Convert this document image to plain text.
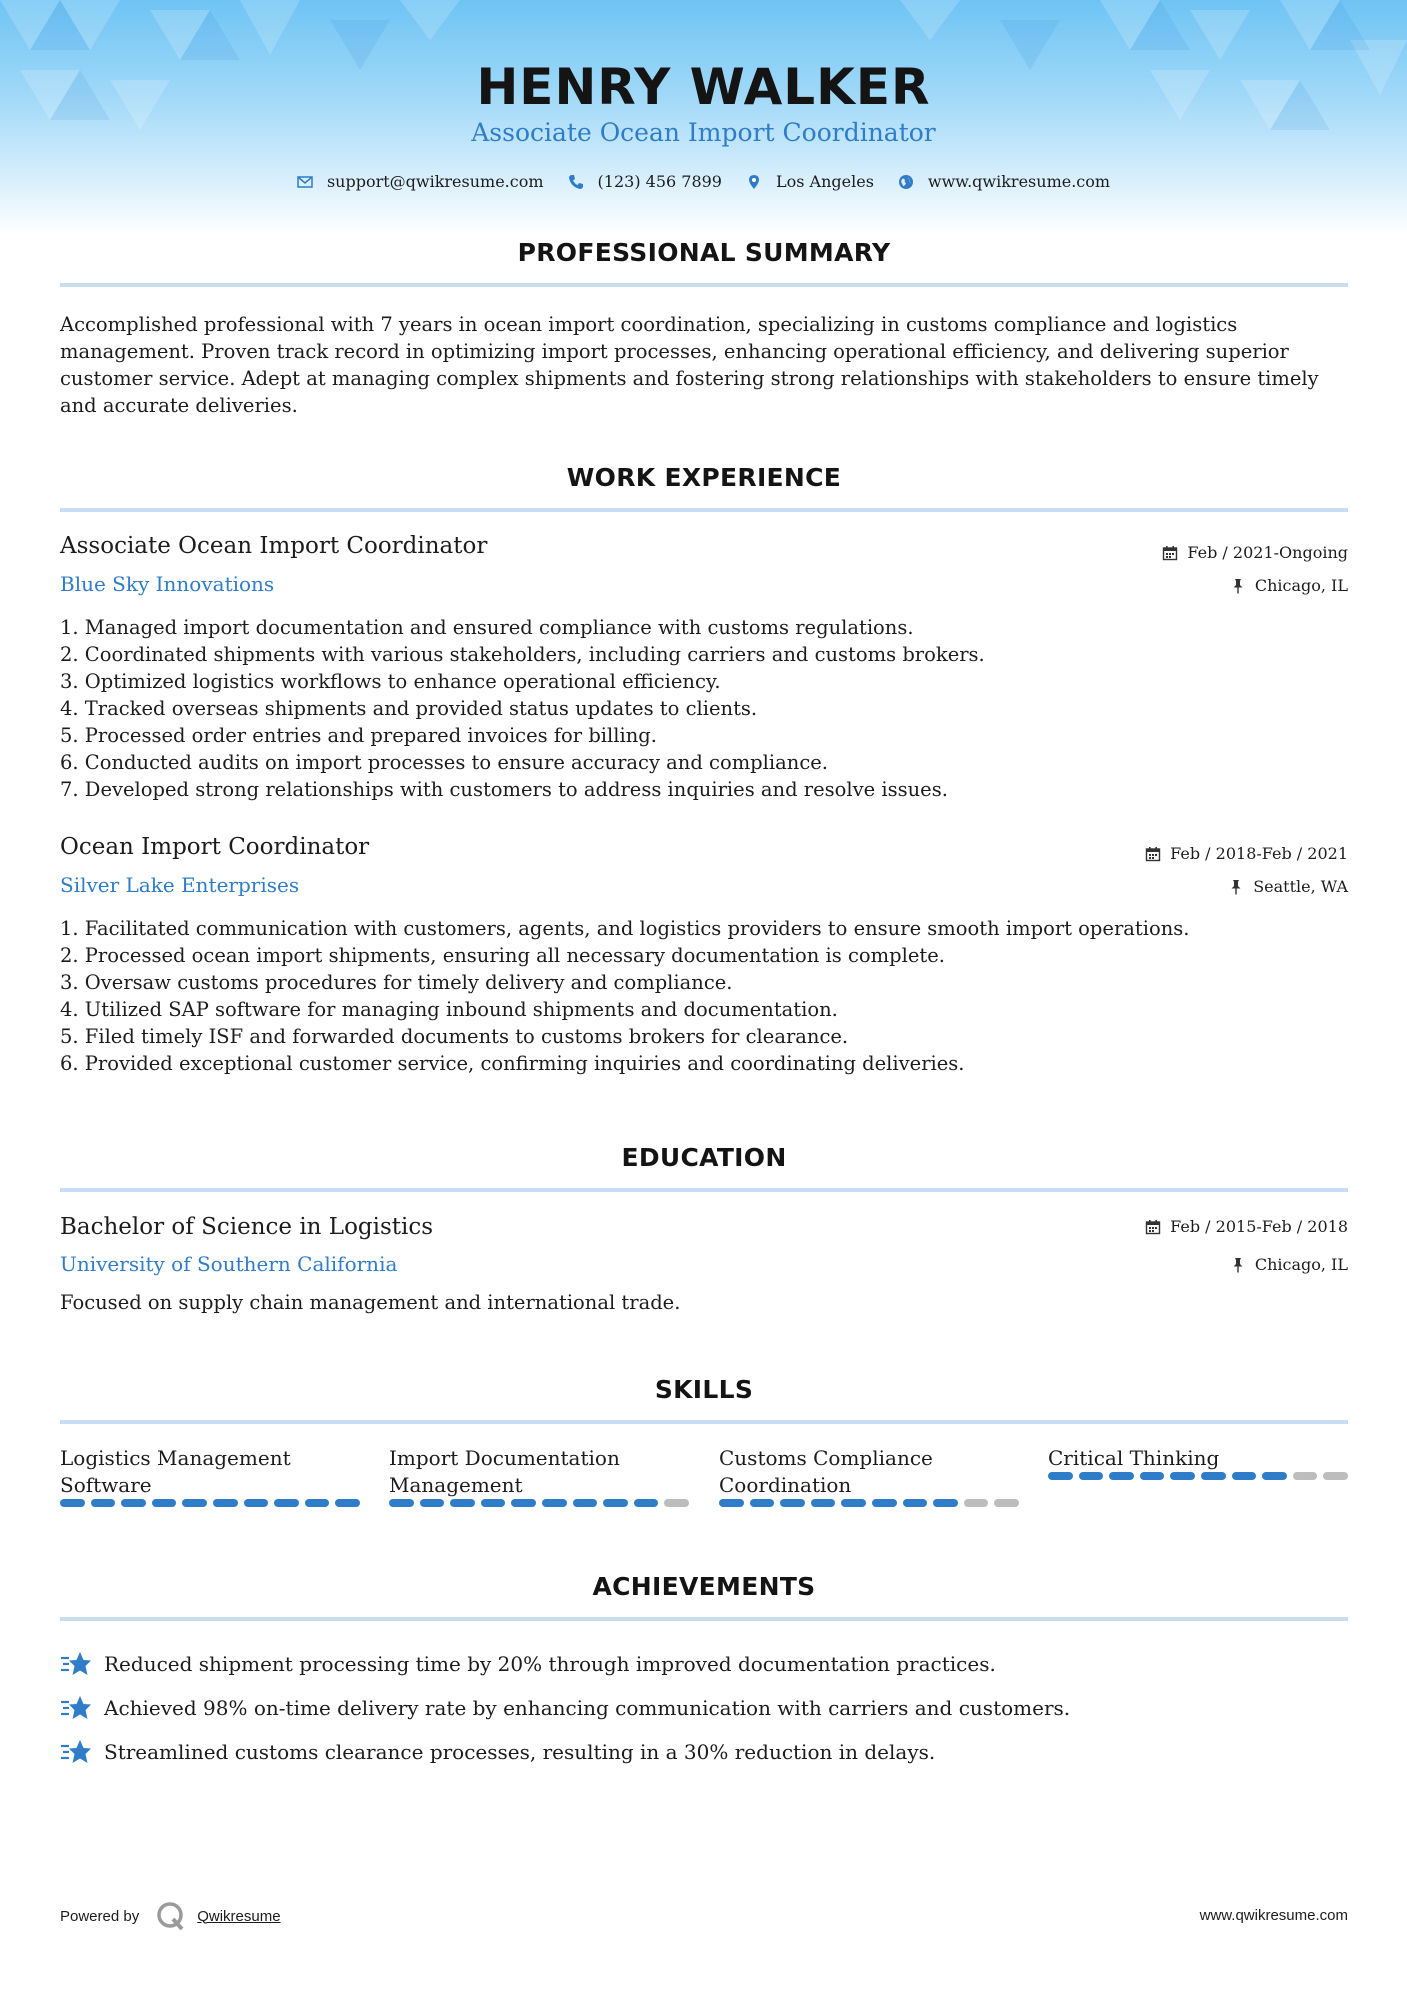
HENRY WALKER
Associate Ocean Import Coordinator
support@qwikresume.com	(123) 456 7899	Los Angeles	www.qwikresume.com
PROFESSIONAL SUMMARY
Accomplished professional with 7 years in ocean import coordination, specializing in customs compliance and logistics
management. Proven track record in optimizing import processes, enhancing operational efficiency, and delivering superior
customer service. Adept at managing complex shipments and fostering strong relationships with stakeholders to ensure timely
and accurate deliveries.
WORK EXPERIENCE
Associate Ocean Import Coordinator
Blue Sky Innovations
Feb / 2021-Ongoing
Chicago, IL
1. Managed import documentation and ensured compliance with customs regulations.
2. Coordinated shipments with various stakeholders, including carriers and customs brokers.
3. Optimized logistics workflows to enhance operational efficiency.
4. Tracked overseas shipments and provided status updates to clients.
5. Processed order entries and prepared invoices for billing.
6. Conducted audits on import processes to ensure accuracy and compliance.
7. Developed strong relationships with customers to address inquiries and resolve issues.
Ocean Import Coordinator
Silver Lake Enterprises
Feb / 2018-Feb / 2021
Seattle, WA
1. Facilitated communication with customers, agents, and logistics providers to ensure smooth import operations.
2. Processed ocean import shipments, ensuring all necessary documentation is complete.
3. Oversaw customs procedures for timely delivery and compliance.
4. Utilized SAP software for managing inbound shipments and documentation.
5. Filed timely ISF and forwarded documents to customs brokers for clearance.
6. Provided exceptional customer service, confirming inquiries and coordinating deliveries.
EDUCATION
Bachelor of Science in Logistics
University of Southern California
Feb / 2015-Feb / 2018
Chicago, IL
Focused on supply chain management and international trade.
SKILLS
Logistics Management
Software
Import Documentation
Management
Customs Compliance
Coordination
Critical Thinking
ACHIEVEMENTS
Reduced shipment processing time by 20% through improved documentation practices.
Achieved 98% on-time delivery rate by enhancing communication with carriers and customers.
Streamlined customs clearance processes, resulting in a 30% reduction in delays.
Powered by	Qwikresume	www.qwikresume.com
